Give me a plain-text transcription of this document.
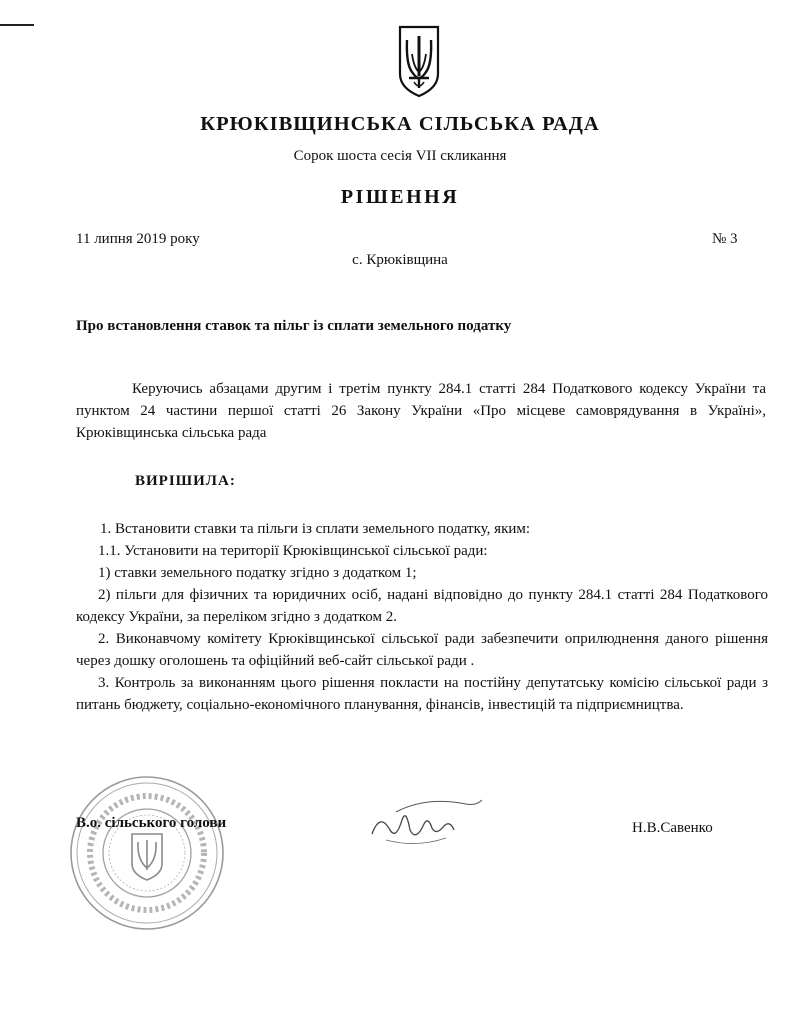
КРЮКІВЩИНСЬКА СІЛЬСЬКА РАДА
Сорок шоста сесія VII скликання
РІШЕННЯ
11 липня 2019 року	№ 3
с. Крюківщина
Про встановлення ставок та пільг із сплати земельного податку
Керуючись абзацами другим і третім пункту 284.1 статті 284 Податкового кодексу України та пунктом 24 частини першої статті 26 Закону України «Про місцеве самоврядування в Україні», Крюківщинська сільська рада
ВИРІШИЛА:
1. Встановити ставки та пільги із сплати земельного податку, яким:
1.1. Установити на території Крюківщинської сільської ради:
1) ставки земельного податку згідно з додатком 1;
2) пільги для фізичних та юридичних осіб, надані відповідно до пункту 284.1 статті 284 Податкового кодексу України, за переліком згідно з додатком 2.
2. Виконавчому комітету Крюківщинської сільської ради забезпечити оприлюднення даного рішення через дошку оголошень та офіційний веб-сайт сільської ради .
3. Контроль за виконанням цього рішення покласти на постійну депутатську комісію сільської ради з питань бюджету, соціально-економічного планування, фінансів, інвестицій та підприємництва.
В.о. сільського голови	Н.В.Савенко
